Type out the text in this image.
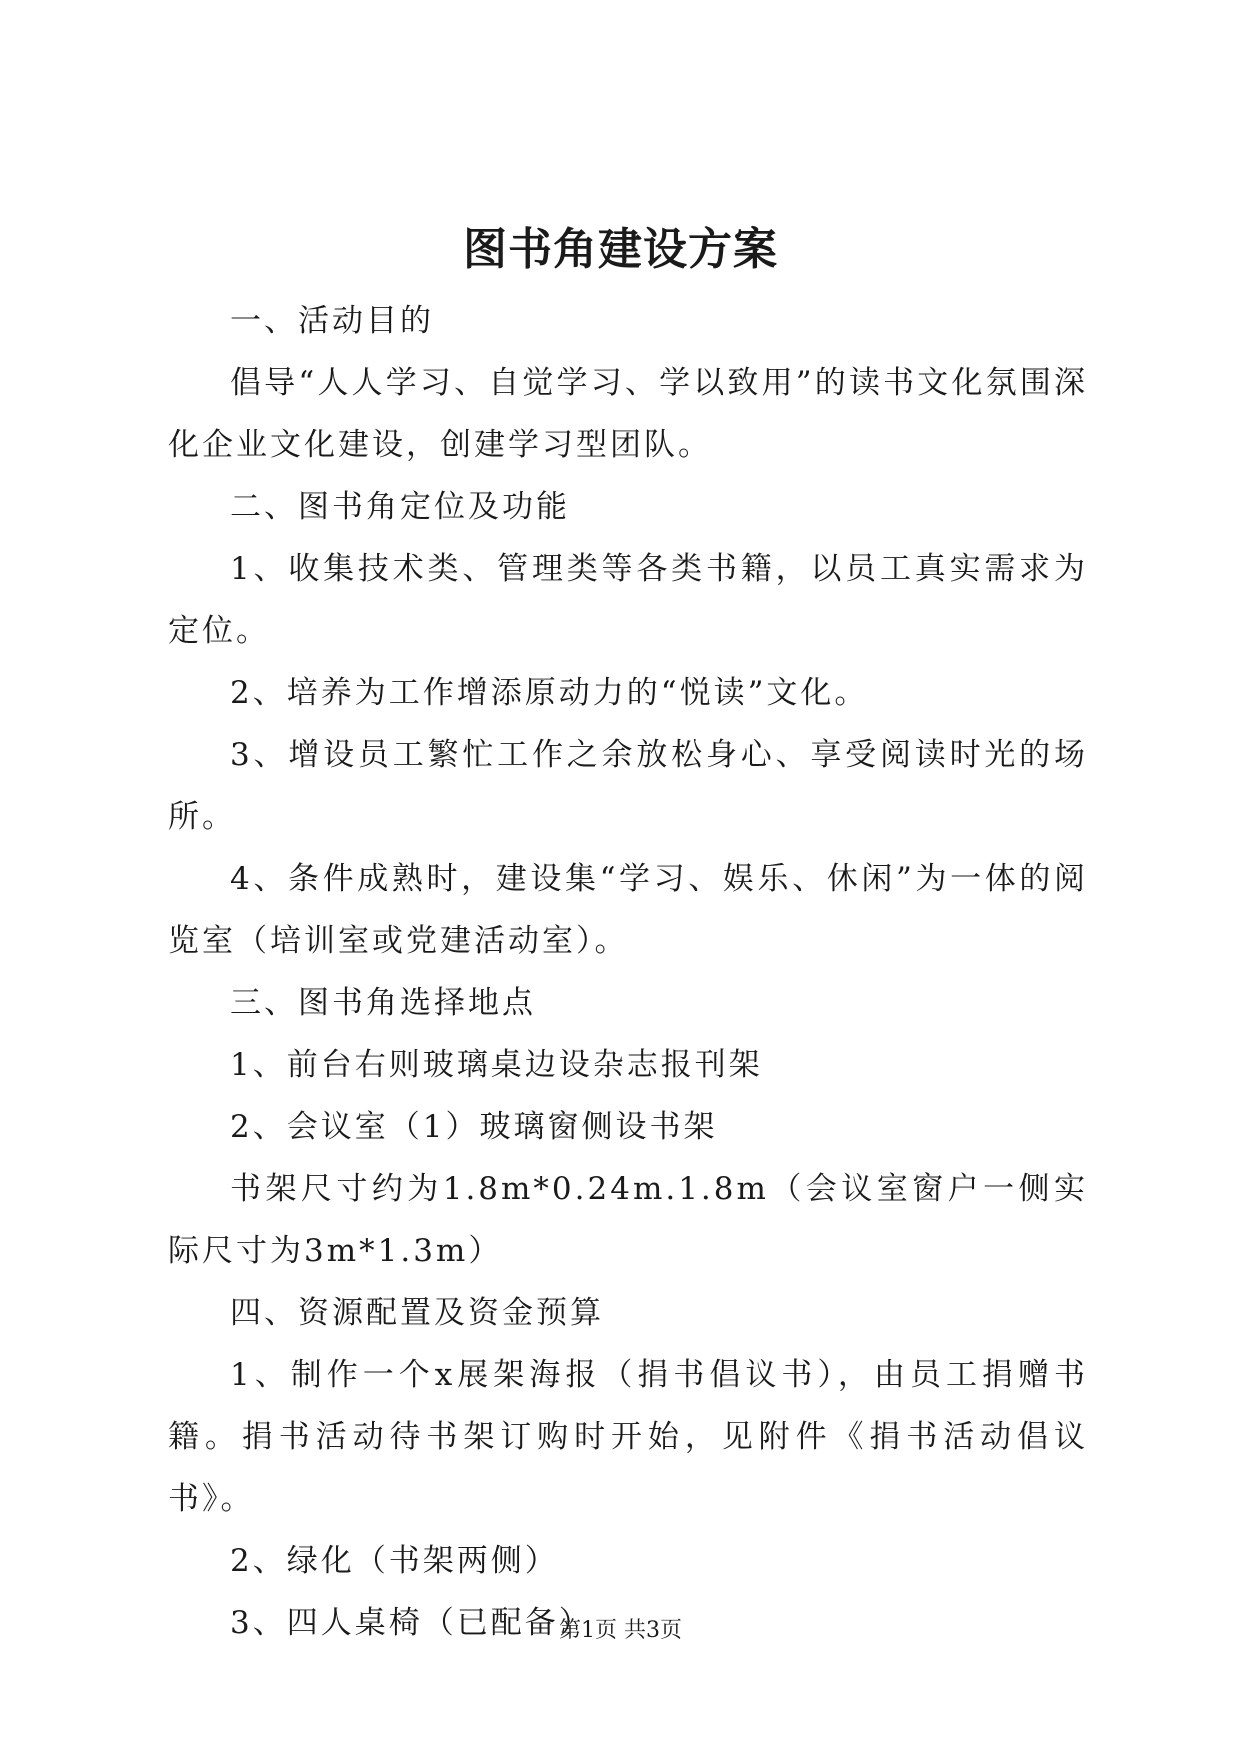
图书角建设方案

一、活动目的

倡导“人人学习、自觉学习、学以致用”的读书文化氛围深化企业文化建设，创建学习型团队。

二、图书角定位及功能

1、收集技术类、管理类等各类书籍，以员工真实需求为定位。

2、培养为工作增添原动力的“悦读”文化。

3、增设员工繁忙工作之余放松身心、享受阅读时光的场所。

4、条件成熟时，建设集“学习、娱乐、休闲”为一体的阅览室（培训室或党建活动室）。

三、图书角选择地点

1、前台右则玻璃桌边设杂志报刊架

2、会议室（1）玻璃窗侧设书架

书架尺寸约为1.8m*0.24m.1.8m（会议室窗户一侧实际尺寸为3m*1.3m）

四、资源配置及资金预算

1、制作一个x展架海报（捐书倡议书），由员工捐赠书籍。捐书活动待书架订购时开始，见附件《捐书活动倡议书》。

2、绿化（书架两侧）

3、四人桌椅（已配备）

第1页 共3页
